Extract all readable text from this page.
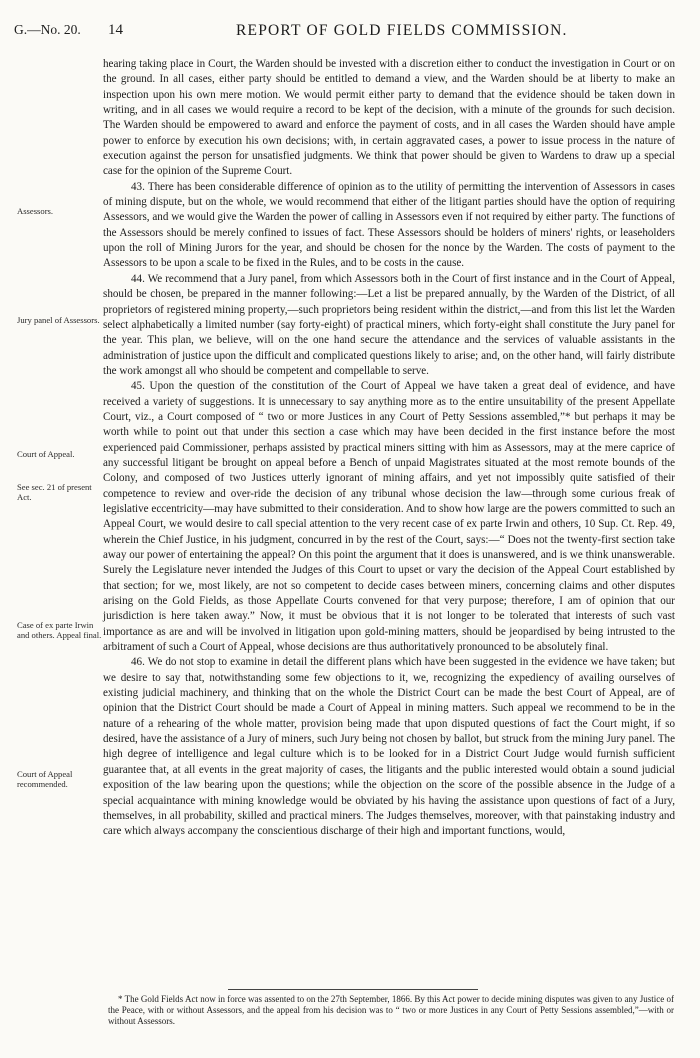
G.—No. 20. 14	REPORT OF GOLD FIELDS COMMISSION.
Assessors.
Jury panel of Assessors.
Court of Appeal.
See sec. 21 of present Act.
Case of ex parte Irwin and others. Appeal final.
Court of Appeal recommended.

hearing taking place in Court, the Warden should be invested with a discretion either to conduct the investigation in Court or on the ground. In all cases, either party should be entitled to demand a view, and the Warden should be at liberty to make an inspection upon his own mere motion. We would permit either party to demand that the evidence should be taken down in writing, and in all cases we would require a record to be kept of the decision, with a minute of the grounds for such decision. The Warden should be empowered to award and enforce the payment of costs, and in all cases the Warden should have ample power to enforce by execution his own decisions; with, in certain aggravated cases, a power to issue process in the nature of execution against the person for unsatisfied judgments. We think that power should be given to Wardens to draw up a special case for the opinion of the Supreme Court.

43. There has been considerable difference of opinion as to the utility of permitting the intervention of Assessors in cases of mining dispute, but on the whole, we would recommend that either of the litigant parties should have the option of requiring Assessors, and we would give the Warden the power of calling in Assessors even if not required by either party. The functions of the Assessors should be merely confined to issues of fact. These Assessors should be holders of miners' rights, or leaseholders upon the roll of Mining Jurors for the year, and should be chosen for the nonce by the Warden. The costs of payment to the Assessors to be upon a scale to be fixed in the Rules, and to be costs in the cause.

44. We recommend that a Jury panel, from which Assessors both in the Court of first instance and in the Court of Appeal, should be chosen, be prepared in the manner following:—Let a list be prepared annually, by the Warden of the District, of all proprietors of registered mining property,—such proprietors being resident within the district,—and from this list let the Warden select alphabetically a limited number (say forty-eight) of practical miners, which forty-eight shall constitute the Jury panel for the year. This plan, we believe, will on the one hand secure the attendance and the services of valuable assistants in the administration of justice upon the difficult and complicated questions likely to arise; and, on the other hand, will fairly distribute the work amongst all who should be competent and compellable to serve.

45. Upon the question of the constitution of the Court of Appeal we have taken a great deal of evidence, and have received a variety of suggestions. It is unnecessary to say anything more as to the entire unsuitability of the present Appellate Court, viz., a Court composed of “ two or more Justices in any Court of Petty Sessions assembled,”* but perhaps it may be worth while to point out that under this section a case which may have been decided in the first instance before the most experienced paid Commissioner, perhaps assisted by practical miners sitting with him as Assessors, may at the mere caprice of any successful litigant be brought on appeal before a Bench of unpaid Magistrates situated at the most remote bounds of the Colony, and composed of two Justices utterly ignorant of mining affairs, and yet not impossibly quite satisfied of their competence to review and over-ride the decision of any tribunal whose decision the law—through some curious freak of legislative eccentricity—may have submitted to their consideration. And to show how large are the powers committed to such an Appeal Court, we would desire to call special attention to the very recent case of ex parte Irwin and others, 10 Sup. Ct. Rep. 49, wherein the Chief Justice, in his judgment, concurred in by the rest of the Court, says:—“ Does not the twenty-first section take away our power of entertaining the appeal? On this point the argument that it does is unanswered, and is we think unanswerable. Surely the Legislature never intended the Judges of this Court to upset or vary the decision of the Appeal Court established by that section; for we, most likely, are not so competent to decide cases between miners, concerning claims and other disputes arising on the Gold Fields, as those Appellate Courts convened for that very purpose; therefore, I am of opinion that our jurisdiction is here taken away.” Now, it must be obvious that it is not longer to be tolerated that interests of such vast importance as are and will be involved in litigation upon gold-mining matters, should be jeopardised by being intrusted to the arbitrament of such a Court of Appeal, whose decisions are thus authoritatively pronounced to be absolutely final.

46. We do not stop to examine in detail the different plans which have been suggested in the evidence we have taken; but we desire to say that, notwithstanding some few objections to it, we, recognizing the expediency of availing ourselves of existing judicial machinery, and thinking that on the whole the District Court can be made the best Court of Appeal, are of opinion that the District Court should be made a Court of Appeal in mining matters. Such appeal we recommend to be in the nature of a rehearing of the whole matter, provision being made that upon disputed questions of fact the Court might, if so desired, have the assistance of a Jury of miners, such Jury being not chosen by ballot, but struck from the mining Jury panel. The high degree of intelligence and legal culture which is to be looked for in a District Court Judge would furnish sufficient guarantee that, at all events in the great majority of cases, the litigants and the public interested would obtain a sound judicial exposition of the law bearing upon the questions; while the objection on the score of the possible absence in the Judge of a special acquaintance with mining knowledge would be obviated by his having the assistance upon questions of fact of a Jury, themselves, in all probability, skilled and practical miners. The Judges themselves, moreover, with that painstaking industry and care which always accompany the conscientious discharge of their high and important functions, would,

* The Gold Fields Act now in force was assented to on the 27th September, 1866. By this Act power to decide mining disputes was given to any Justice of the Peace, with or without Assessors, and the appeal from his decision was to “ two or more Justices in any Court of Petty Sessions assembled,”—with or without Assessors.
